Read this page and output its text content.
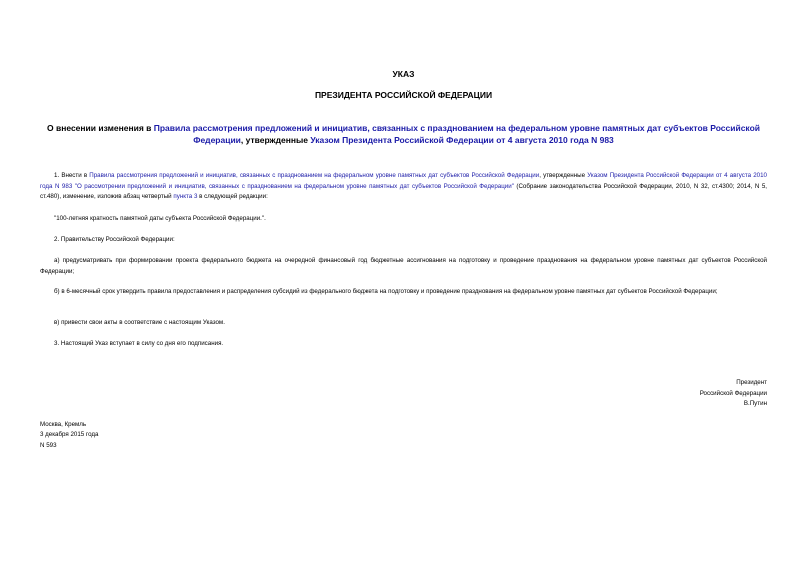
УКАЗ
ПРЕЗИДЕНТА РОССИЙСКОЙ ФЕДЕРАЦИИ
О внесении изменения в Правила рассмотрения предложений и инициатив, связанных с празднованием на федеральном уровне памятных дат субъектов Российской Федерации, утвержденные Указом Президента Российской Федерации от 4 августа 2010 года N 983
1. Внести в Правила рассмотрения предложений и инициатив, связанных с празднованием на федеральном уровне памятных дат субъектов Российской Федерации, утвержденные Указом Президента Российской Федерации от 4 августа 2010 года N 983 "О рассмотрении предложений и инициатив, связанных с празднованием на федеральном уровне памятных дат субъектов Российской Федерации" (Собрание законодательства Российской Федерации, 2010, N 32, ст.4300; 2014, N 5, ст.480), изменение, изложив абзац четвертый пункта 3 в следующей редакции:
"100-летняя кратность памятной даты субъекта Российской Федерации.".
2. Правительству Российской Федерации:
а) предусматривать при формировании проекта федерального бюджета на очередной финансовый год бюджетные ассигнования на подготовку и проведение празднования на федеральном уровне памятных дат субъектов Российской Федерации;
б) в 6-месячный срок утвердить правила предоставления и распределения субсидий из федерального бюджета на подготовку и проведение празднования на федеральном уровне памятных дат субъектов Российской Федерации;
в) привести свои акты в соответствие с настоящим Указом.
3. Настоящий Указ вступает в силу со дня его подписания.
Президент
Российской Федерации
В.Путин
Москва, Кремль
3 декабря 2015 года
N 593
